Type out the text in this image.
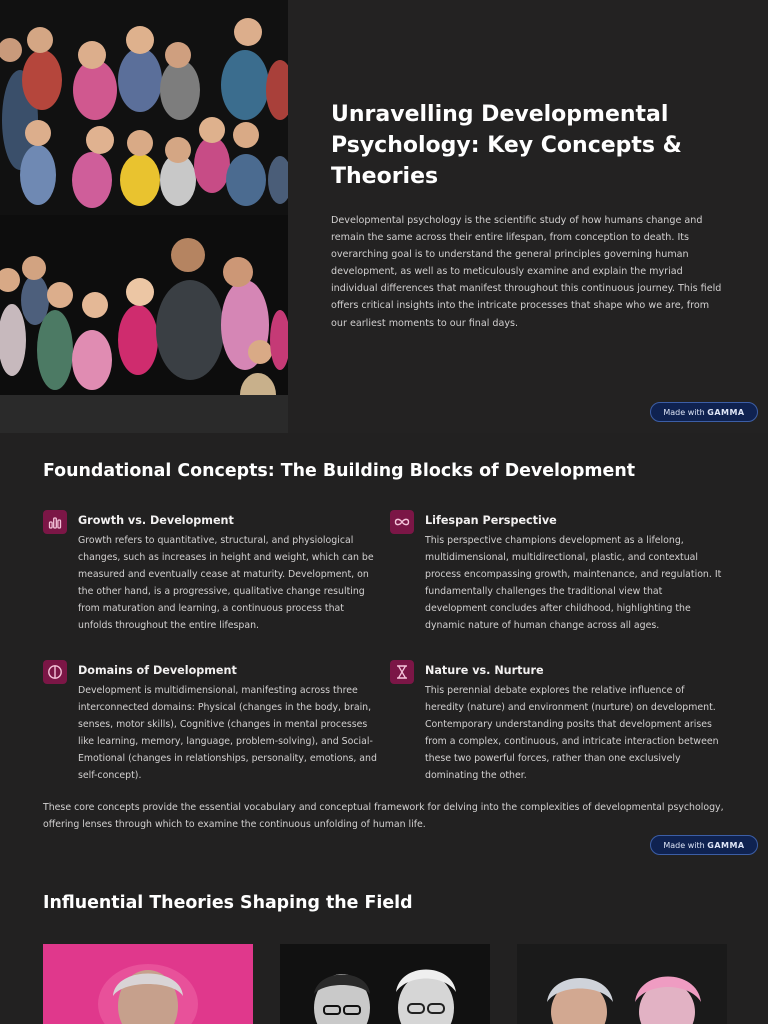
Unravelling Developmental Psychology: Key Concepts & Theories

Developmental psychology is the scientific study of how humans change and remain the same across their entire lifespan, from conception to death. Its overarching goal is to understand the general principles governing human development, as well as to meticulously examine and explain the myriad individual differences that manifest throughout this continuous journey. This field offers critical insights into the intricate processes that shape who we are, from our earliest moments to our final days.

Made with GAMMA
Foundational Concepts: The Building Blocks of Development
Growth vs. Development

Growth refers to quantitative, structural, and physiological changes, such as increases in height and weight, which can be measured and eventually cease at maturity. Development, on the other hand, is a progressive, qualitative change resulting from maturation and learning, a continuous process that unfolds throughout the entire lifespan.

Lifespan Perspective

This perspective champions development as a lifelong, multidimensional, multidirectional, plastic, and contextual process encompassing growth, maintenance, and regulation. It fundamentally challenges the traditional view that development concludes after childhood, highlighting the dynamic nature of human change across all ages.

Domains of Development

Development is multidimensional, manifesting across three interconnected domains: Physical (changes in the body, brain, senses, motor skills), Cognitive (changes in mental processes like learning, memory, language, problem-solving), and Social-Emotional (changes in relationships, personality, emotions, and self-concept).

Nature vs. Nurture

This perennial debate explores the relative influence of heredity (nature) and environment (nurture) on development. Contemporary understanding posits that development arises from a complex, continuous, and intricate interaction between these two powerful forces, rather than one exclusively dominating the other.

These core concepts provide the essential vocabulary and conceptual framework for delving into the complexities of developmental psychology, offering lenses through which to examine the continuous unfolding of human life.

Made with GAMMA
Influential Theories Shaping the Field
